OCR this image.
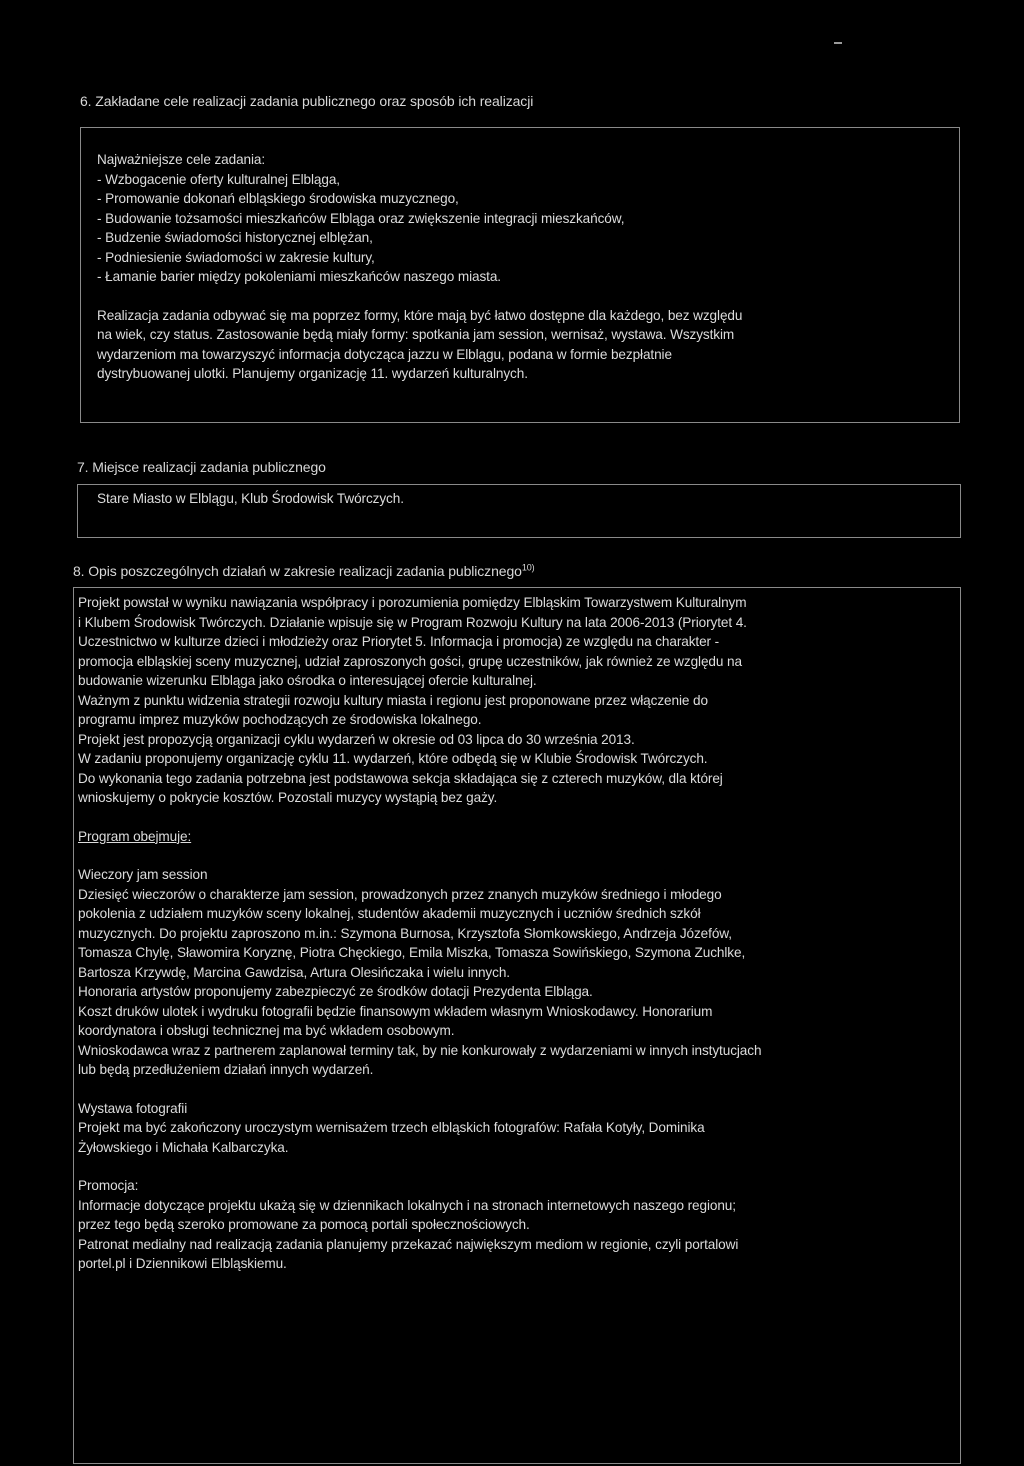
6. Zakładane cele realizacji zadania publicznego oraz sposób ich realizacji
Najważniejsze cele zadania:
- Wzbogacenie oferty kulturalnej Elbląga,
- Promowanie dokonań elbląskiego środowiska muzycznego,
- Budowanie tożsamości mieszkańców Elbląga oraz zwiększenie integracji mieszkańców,
- Budzenie świadomości historycznej elblężan,
- Podniesienie świadomości w zakresie kultury,
- Łamanie barier między pokoleniami mieszkańców naszego miasta.
Realizacja zadania odbywać się ma poprzez formy, które mają być łatwo dostępne dla każdego, bez względu
na wiek, czy status. Zastosowanie będą miały formy: spotkania jam session, wernisaż, wystawa. Wszystkim
wydarzeniom ma towarzyszyć informacja dotycząca jazzu w Elblągu, podana w formie bezpłatnie
dystrybuowanej ulotki. Planujemy organizację 11. wydarzeń kulturalnych.
7. Miejsce realizacji zadania publicznego
Stare Miasto w Elblągu, Klub Środowisk Twórczych.
8. Opis poszczególnych działań w zakresie realizacji zadania publicznego$^{10)}$
Projekt powstał w wyniku nawiązania współpracy i porozumienia pomiędzy Elbląskim Towarzystwem Kulturalnym
i Klubem Środowisk Twórczych. Działanie wpisuje się w Program Rozwoju Kultury na lata 2006-2013 (Priorytet 4.
Uczestnictwo w kulturze dzieci i młodzieży oraz Priorytet 5. Informacja i promocja) ze względu na charakter -
promocja elbląskiej sceny muzycznej, udział zaproszonych gości, grupę uczestników, jak również ze względu na
budowanie wizerunku Elbląga jako ośrodka o interesującej ofercie kulturalnej.
Ważnym z punktu widzenia strategii rozwoju kultury miasta i regionu jest proponowane przez włączenie do
programu imprez muzyków pochodzących ze środowiska lokalnego.
Projekt jest propozycją organizacji cyklu wydarzeń w okresie od 03 lipca do 30 września 2013.
W zadaniu proponujemy organizację cyklu 11. wydarzeń, które odbędą się w Klubie Środowisk Twórczych.
Do wykonania tego zadania potrzebna jest podstawowa sekcja składająca się z czterech muzyków, dla której
wnioskujemy o pokrycie kosztów. Pozostali muzycy wystąpią bez gaży.
Program obejmuje:
Wieczory jam session
Dziesięć wieczorów o charakterze jam session, prowadzonych przez znanych muzyków średniego i młodego
pokolenia z udziałem muzyków sceny lokalnej, studentów akademii muzycznych i uczniów średnich szkół
muzycznych. Do projektu zaproszono m.in.: Szymona Burnosa, Krzysztofa Słomkowskiego, Andrzeja Józefów,
Tomasza Chylę, Sławomira Koryznę, Piotra Chęckiego, Emila Miszka, Tomasza Sowińskiego, Szymona Zuchlke,
Bartosza Krzywdę, Marcina Gawdzisa, Artura Olesińczaka i wielu innych.
Honoraria artystów proponujemy zabezpieczyć ze środków dotacji Prezydenta Elbląga.
Koszt druków ulotek i wydruku fotografii będzie finansowym wkładem własnym Wnioskodawcy. Honorarium
koordynatora i obsługi technicznej ma być wkładem osobowym.
Wnioskodawca wraz z partnerem zaplanował terminy tak, by nie konkurowały z wydarzeniami w innych instytucjach
lub będą przedłużeniem działań innych wydarzeń.
Wystawa fotografii
Projekt ma być zakończony uroczystym wernisażem trzech elbląskich fotografów: Rafała Kotyły, Dominika
Żyłowskiego i Michała Kalbarczyka.
Promocja:
Informacje dotyczące projektu ukażą się w dziennikach lokalnych i na stronach internetowych naszego regionu;
przez tego będą szeroko promowane za pomocą portali społecznościowych.
Patronat medialny nad realizacją zadania planujemy przekazać największym mediom w regionie, czyli portalowi
portel.pl i Dziennikowi Elbląskiemu.
